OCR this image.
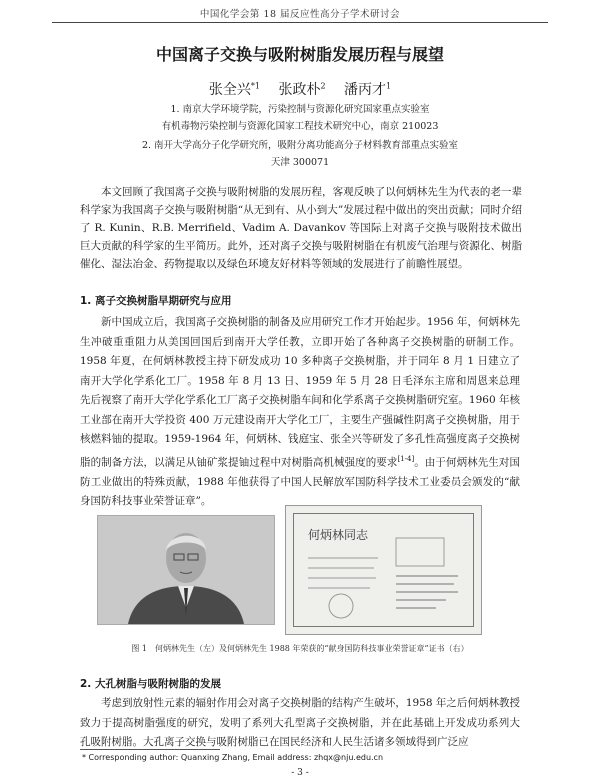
中国化学会第 18 届反应性高分子学术研讨会
中国离子交换与吸附树脂发展历程与展望
张全兴$^{*1}$ 张政朴$^2$ 潘丙才$^1$
1. 南京大学环境学院，污染控制与资源化研究国家重点实验室
有机毒物污染控制与资源化国家工程技术研究中心，南京 210023
2. 南开大学高分子化学研究所，吸附分离功能高分子材料教育部重点实验室
天津 300071

本文回顾了我国离子交换与吸附树脂的发展历程，客观反映了以何炳林先生为代表的老一辈科学家为我国离子交换与吸附树脂“从无到有、从小到大”发展过程中做出的突出贡献；同时介绍了 R. Kunin、R.B. Merrifield、Vadim A. Davankov 等国际上对离子交换与吸附技术做出巨大贡献的科学家的生平简历。此外，还对离子交换与吸附树脂在有机废气治理与资源化、树脂催化、湿法冶金、药物提取以及绿色环境友好材料等领域的发展进行了前瞻性展望。

1. 离子交换树脂早期研究与应用

新中国成立后，我国离子交换树脂的制备及应用研究工作才开始起步。1956 年，何炳林先生冲破重重阻力从美国回国后到南开大学任教，立即开始了各种离子交换树脂的研制工作。1958 年夏，在何炳林教授主持下研发成功 10 多种离子交换树脂，并于同年 8 月 1 日建立了南开大学化学系化工厂。1958 年 8 月 13 日、1959 年 5 月 28 日毛泽东主席和周恩来总理先后视察了南开大学化学系化工厂离子交换树脂车间和化学系离子交换树脂研究室。1960 年核工业部在南开大学投资 400 万元建设南开大学化工厂，主要生产强碱性阴离子交换树脂，用于核燃料铀的提取。1959-1964 年，何炳林、钱庭宝、张全兴等研发了多孔性高强度离子交换树脂的制备方法，以满足从铀矿浆提铀过程中对树脂高机械强度的要求[1-4]。由于何炳林先生对国防工业做出的特殊贡献，1988 年他获得了中国人民解放军国防科学技术工业委员会颁发的“献身国防科技事业荣誉证章”。

何炳林同志
图 1　何炳林先生（左）及何炳林先生 1988 年荣获的“献身国防科技事业荣誉证章”证书（右）
2. 大孔树脂与吸附树脂的发展

考虑到放射性元素的辐射作用会对离子交换树脂的结构产生破坏，1958 年之后何炳林教授致力于提高树脂强度的研究，发明了系列大孔型离子交换树脂，并在此基础上开发成功系列大孔吸附树脂。大孔离子交换与吸附树脂已在国民经济和人民生活诸多领域得到广泛应

* Corresponding author: Quanxing Zhang, Email address: zhqx@nju.edu.cn
- 3 -
